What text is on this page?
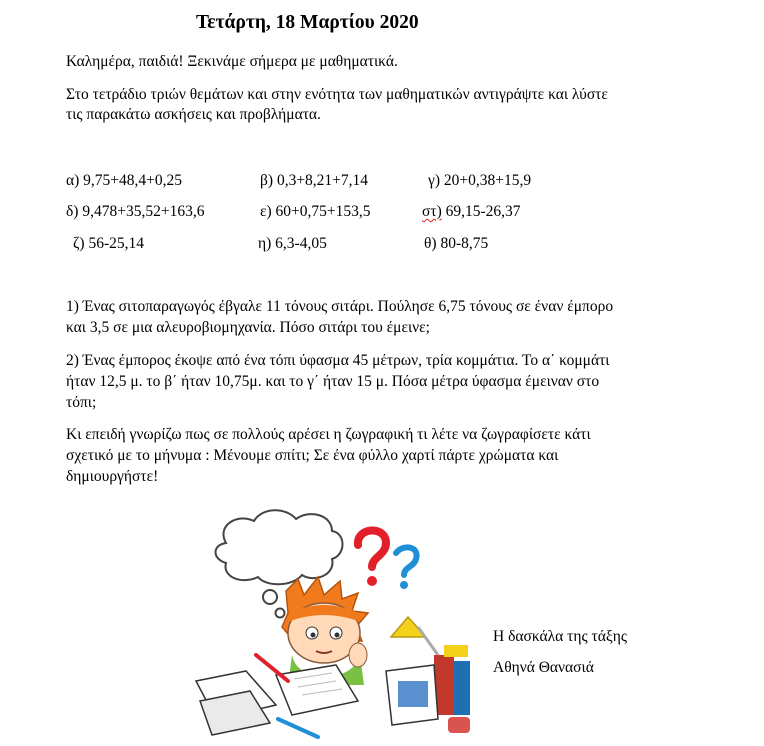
Τετάρτη, 18 Μαρτίου 2020
Καλημέρα, παιδιά! Ξεκινάμε σήμερα με μαθηματικά.
Στο τετράδιο τριών θεμάτων και στην ενότητα των μαθηματικών αντιγράψτε και λύστε
τις παρακάτω ασκήσεις και προβλήματα.
α) 9,75+48,4+0,25	β) 0,3+8,21+7,14	γ) 20+0,38+15,9
δ) 9,478+35,52+163,6	ε) 60+0,75+153,5	στ) 69,15-26,37
ζ) 56-25,14	η) 6,3-4,05	θ) 80-8,75
1) Ένας σιτοπαραγωγός έβγαλε 11 τόνους σιτάρι. Πούλησε 6,75 τόνους σε έναν έμπορο
και 3,5 σε μια αλευροβιομηχανία. Πόσο σιτάρι του έμεινε;
2) Ένας έμπορος έκοψε από ένα τόπι ύφασμα 45 μέτρων, τρία κομμάτια. Το α΄ κομμάτι
ήταν 12,5 μ. το β΄ ήταν 10,75μ. και το γ΄ ήταν 15 μ. Πόσα μέτρα ύφασμα έμειναν στο
τόπι;
Κι επειδή γνωρίζω πως σε πολλούς αρέσει η ζωγραφική τι λέτε να ζωγραφίσετε κάτι
σχετικό με το μήνυμα : Μένουμε σπίτι; Σε ένα φύλλο χαρτί πάρτε χρώματα και
δημιουργήστε!
Η δασκάλα της τάξης
Αθηνά Θανασιά
